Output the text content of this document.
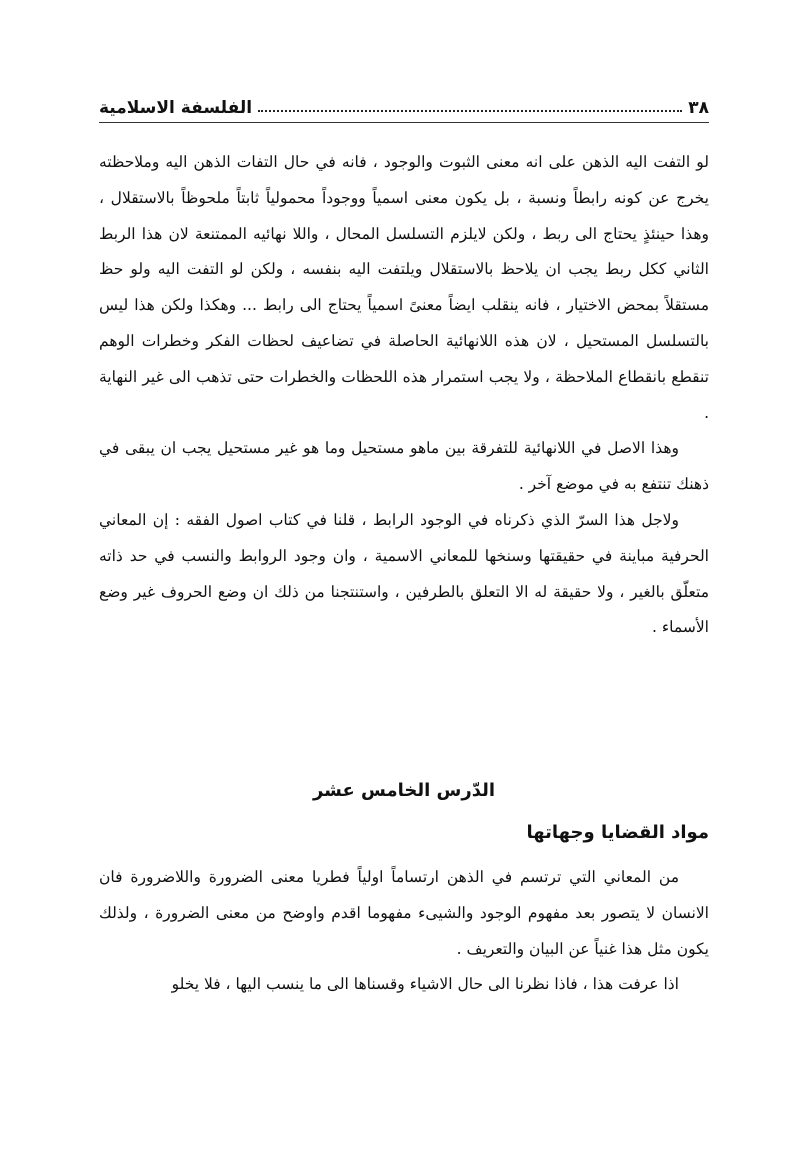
٣٨
الفلسفة الاسلامية

لو التفت اليه الذهن على انه معنى الثبوت والوجود ، فانه في حال التفات الذهن اليه وملاحظته يخرج عن كونه رابطاً ونسبة ، بل يكون معنى اسمياً ووجوداً محمولياً ثابتاً ملحوظاً بالاستقلال ، وهذا حينئذٍ يحتاج الى ربط ، ولكن لايلزم التسلسل المحال ، واللا نهائيه الممتنعة لان هذا الربط الثاني ككل ربط يجب ان يلاحظ بالاستقلال ويلتفت اليه بنفسه ، ولكن لو التفت اليه ولو حظ مستقلاً بمحض الاختيار ، فانه ينقلب ايضاً معنىً اسمياً يحتاج الى رابط ... وهكذا ولكن هذا ليس بالتسلسل المستحيل ، لان هذه اللانهائية الحاصلة في تضاعيف لحظات الفكر وخطرات الوهم تنقطع بانقطاع الملاحظة ، ولا يجب استمرار هذه اللحظات والخطرات حتى تذهب الى غير النهاية .

وهذا الاصل في اللانهائية للتفرقة بين ماهو مستحيل وما هو غير مستحيل يجب ان يبقى في ذهنك تنتفع به في موضع آخر .

ولاجل هذا السرّ الذي ذكرناه في الوجود الرابط ، قلنا في كتاب اصول الفقه : إن المعاني الحرفية مباينة في حقيقتها وسنخها للمعاني الاسمية ، وان وجود الروابط والنسب في حد ذاته متعلّق بالغير ، ولا حقيقة له الا التعلق بالطرفين ، واستنتجنا من ذلك ان وضع الحروف غير وضع الأسماء .

الدّرس الخامس عشر
مواد القضايا وجهاتها

من المعاني التي ترتسم في الذهن ارتساماً اولياً فطريا معنى الضرورة واللاضرورة فان الانسان لا يتصور بعد مفهوم الوجود والشيىء مفهوما اقدم واوضح من معنى الضرورة ، ولذلك يكون مثل هذا غنياً عن البيان والتعريف .

اذا عرفت هذا ، فاذا نظرنا الى حال الاشياء وقسناها الى ما ينسب اليها ، فلا يخلو
